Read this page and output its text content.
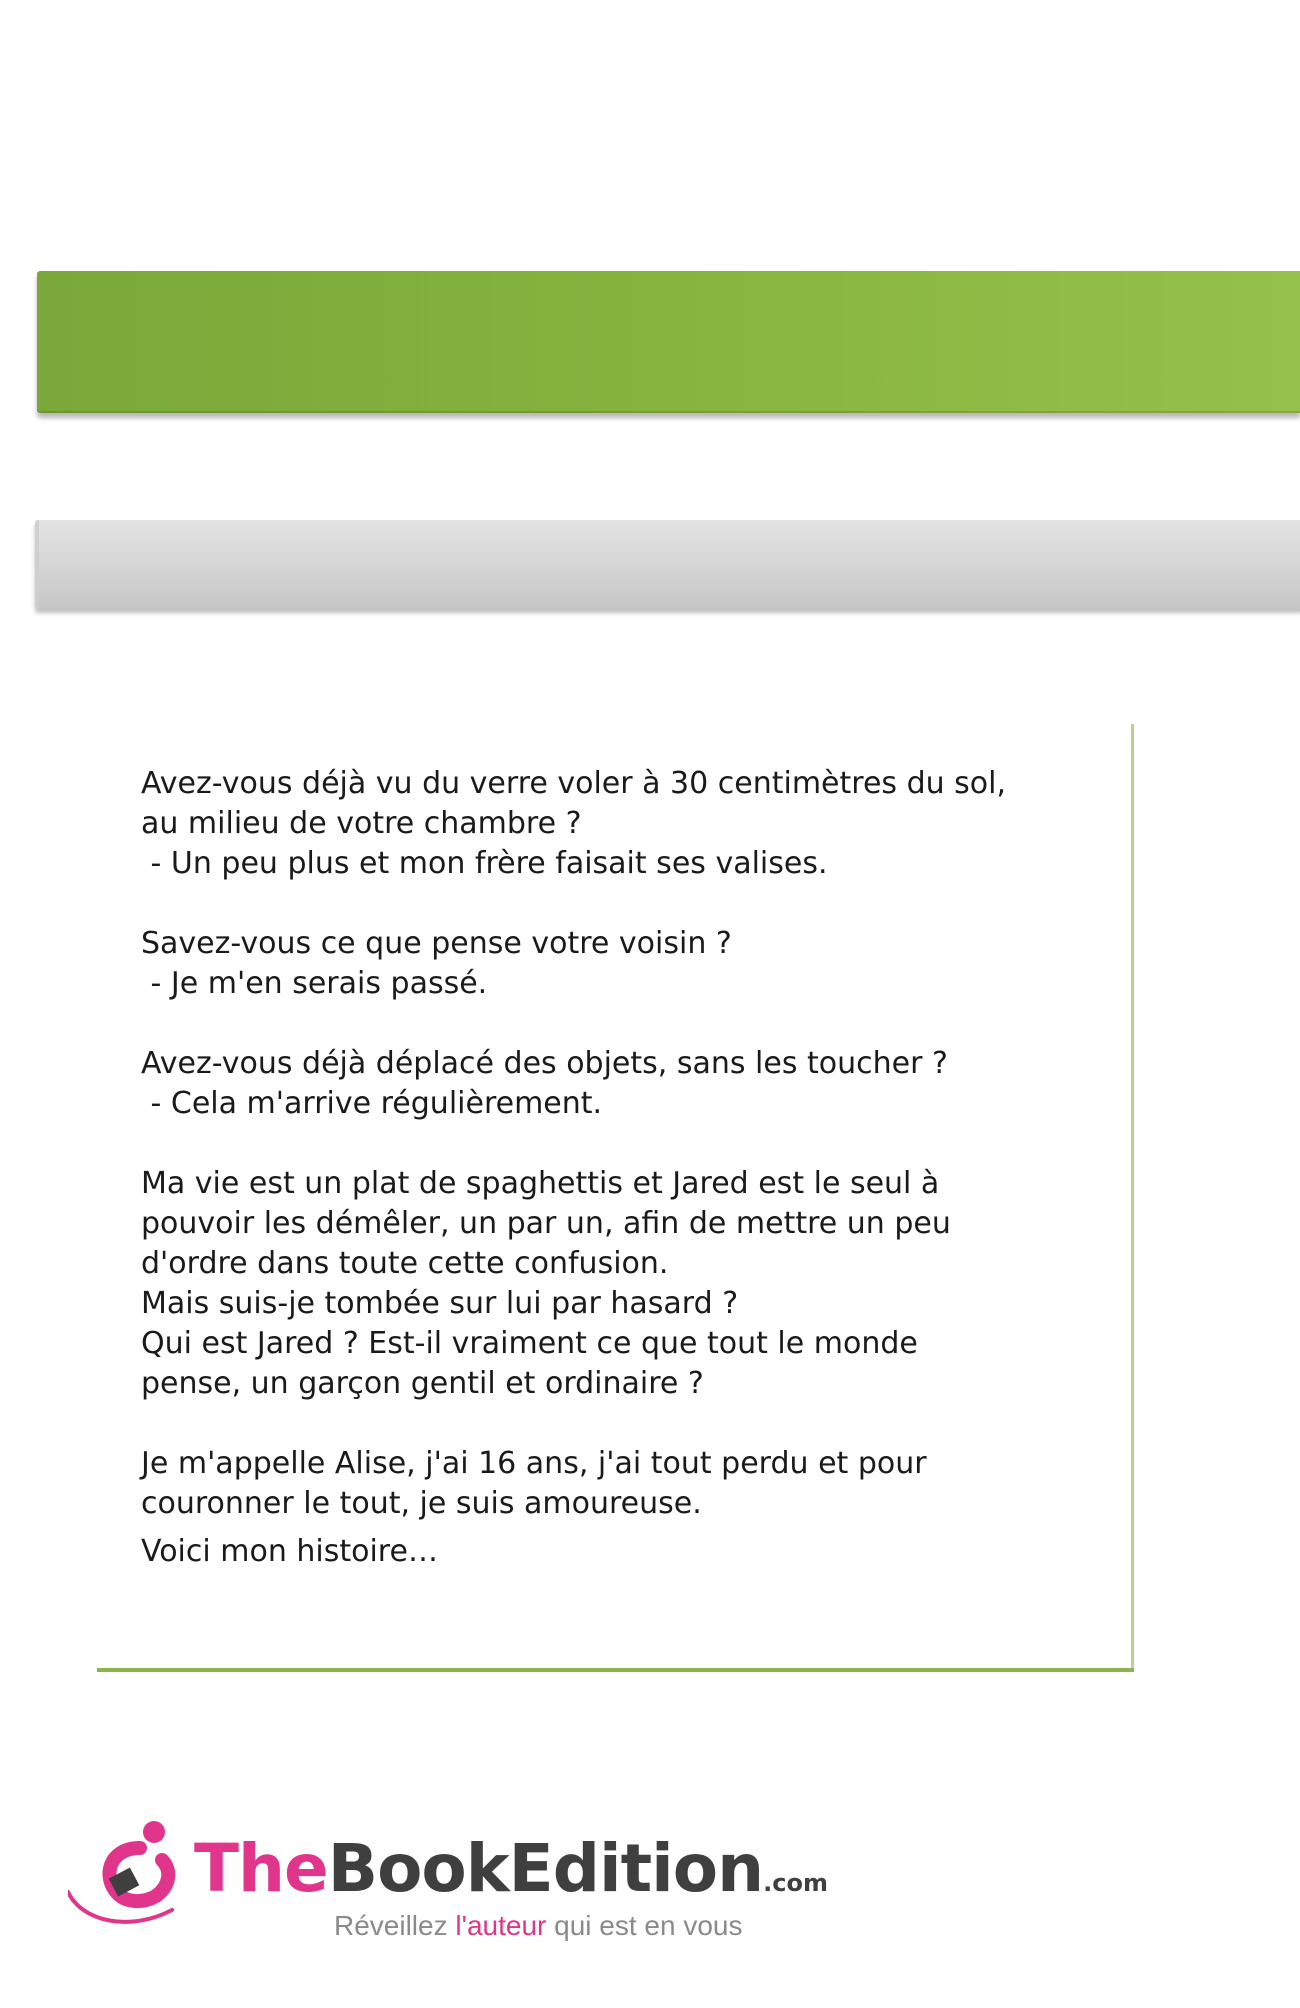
Avez-vous déjà vu du verre voler à 30 centimètres du sol,
au milieu de votre chambre ?
- Un peu plus et mon frère faisait ses valises.

Savez-vous ce que pense votre voisin ?
- Je m'en serais passé.

Avez-vous déjà déplacé des objets, sans les toucher ?
- Cela m'arrive régulièrement.

Ma vie est un plat de spaghettis et Jared est le seul à
pouvoir les démêler, un par un, afin de mettre un peu
d'ordre dans toute cette confusion.
Mais suis-je tombée sur lui par hasard ?
Qui est Jared ? Est-il vraiment ce que tout le monde
pense, un garçon gentil et ordinaire ?

Je m'appelle Alise, j'ai 16 ans, j'ai tout perdu et pour
couronner le tout, je suis amoureuse.

Voici mon histoire…

TheBookEdition.com
Réveillez l'auteur qui est en vous
